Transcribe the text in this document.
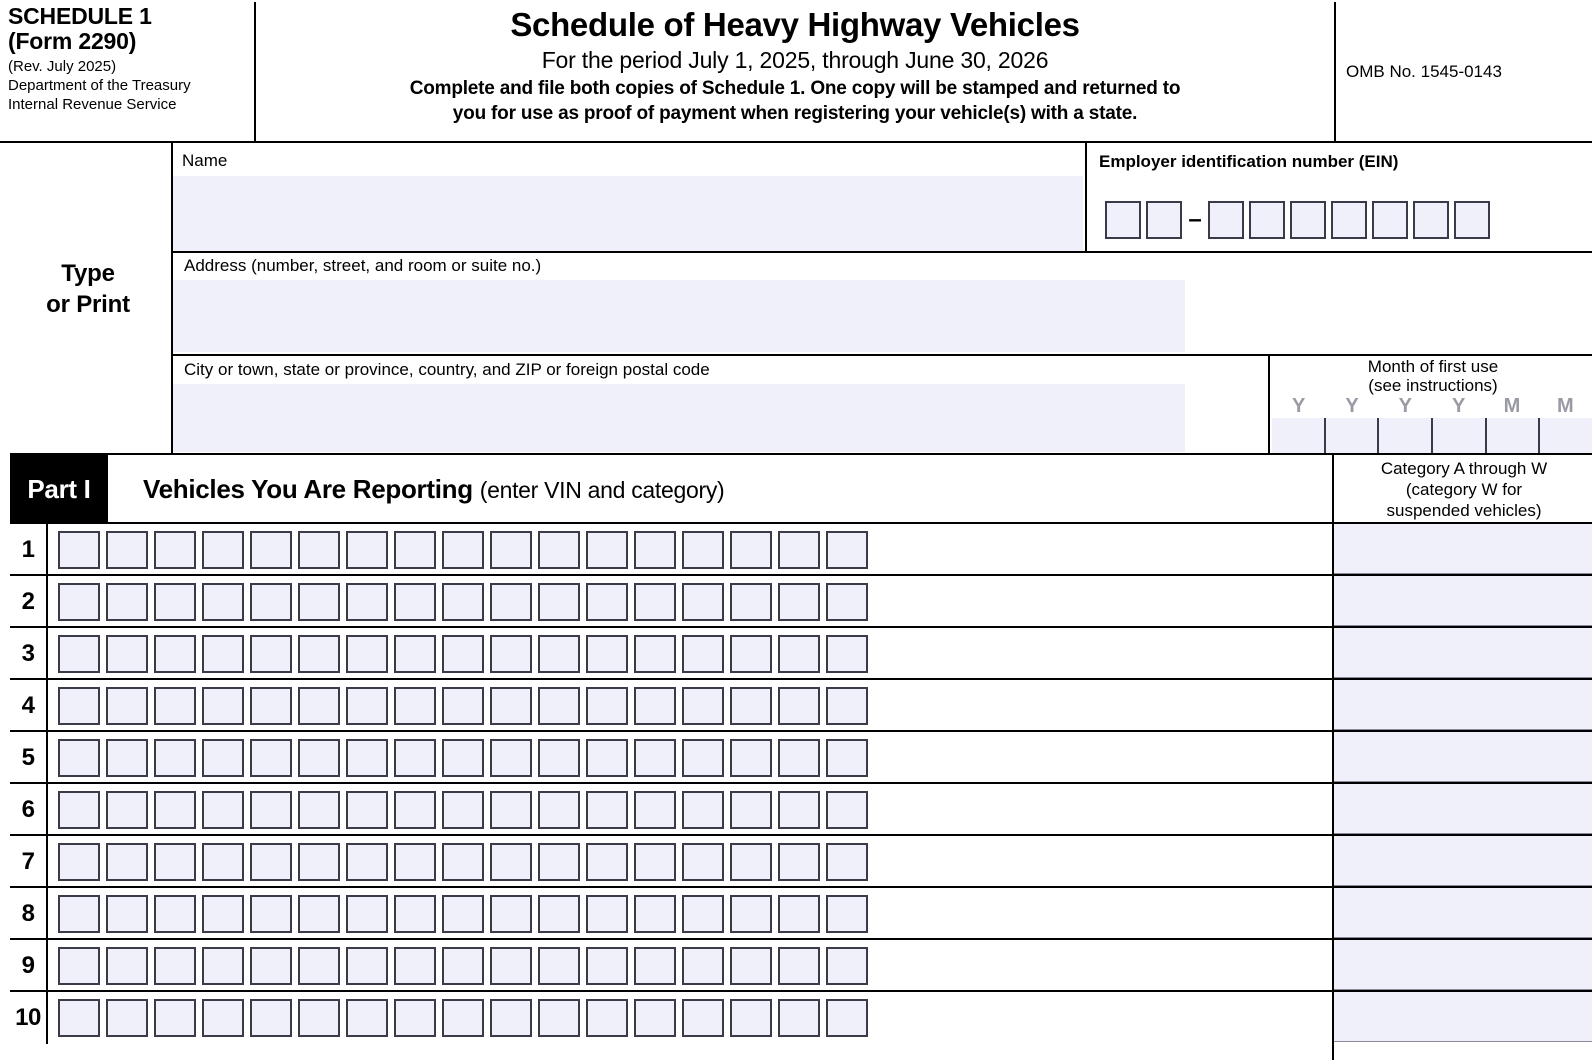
SCHEDULE 1
(Form 2290)
(Rev. July 2025)
Department of the Treasury
Internal Revenue Service
Schedule of Heavy Highway Vehicles
For the period July 1, 2025, through June 30, 2026
Complete and file both copies of Schedule 1. One copy will be stamped and returned to
you for use as proof of payment when registering your vehicle(s) with a state.
OMB No. 1545-0143
Type
or Print
Name	Employer identification number (EIN)
–
Address (number, street, and room or suite no.)
City or town, state or province, country, and ZIP or foreign postal code	Month of first use
(see instructions)
Y	Y	Y	Y	M	M
Part I	Vehicles You Are Reporting (enter VIN and category)
Category A through W
(category W for
suspended vehicles)
1
2
3
4
5
6
7
8
9
10
